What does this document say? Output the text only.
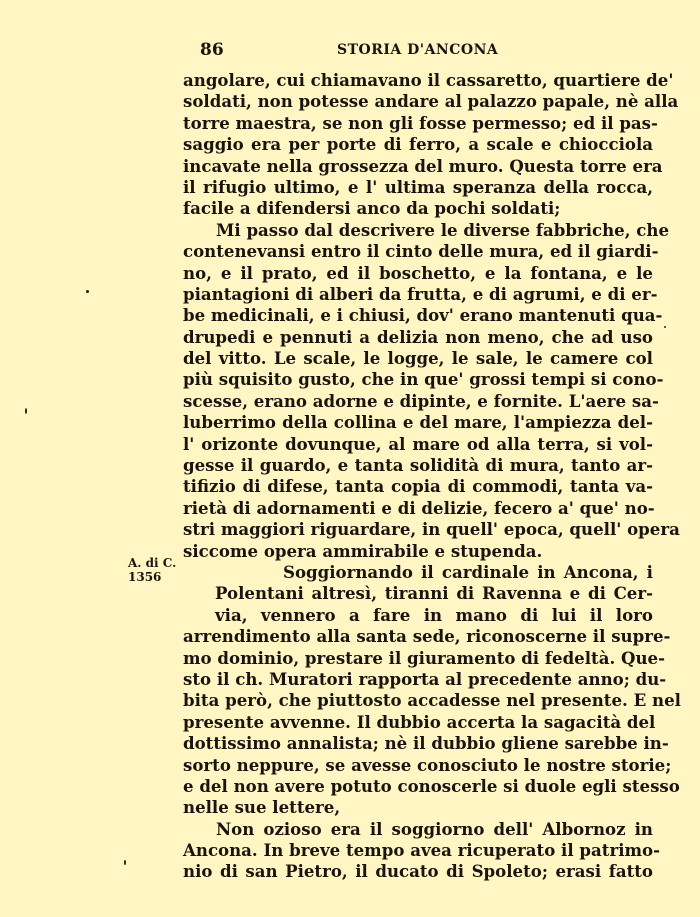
86	STORIA D'ANCONA
A. di C.
1356
angolare, cui chiamavano il cassaretto, quartiere de'
soldati, non potesse andare al palazzo papale, nè alla
torre maestra, se non gli fosse permesso; ed il pas-
saggio era per porte di ferro, a scale e chiocciola
incavate nella grossezza del muro. Questa torre era
il rifugio ultimo, e l' ultima speranza della rocca,
facile a difendersi anco da pochi soldati;
Mi passo dal descrivere le diverse fabbriche, che
contenevansi entro il cinto delle mura, ed il giardi-
no, e il prato, ed il boschetto, e la fontana, e le
piantagioni di alberi da frutta, e di agrumi, e di er-
be medicinali, e i chiusi, dov' erano mantenuti qua-
drupedi e pennuti a delizia non meno, che ad uso
del vitto. Le scale, le logge, le sale, le camere col
più squisito gusto, che in que' grossi tempi si cono-
scesse, erano adorne e dipinte, e fornite. L'aere sa-
luberrimo della collina e del mare, l'ampiezza del-
l' orizonte dovunque, al mare od alla terra, si vol-
gesse il guardo, e tanta solidità di mura, tanto ar-
tifizio di difese, tanta copia di commodi, tanta va-
rietà di adornamenti e di delizie, fecero a' que' no-
stri maggiori riguardare, in quell' epoca, quell' opera
siccome opera ammirabile e stupenda.
Soggiornando il cardinale in Ancona, i
Polentani altresì, tiranni di Ravenna e di Cer-
via, vennero a fare in mano di lui il loro
arrendimento alla santa sede, riconoscerne il supre-
mo dominio, prestare il giuramento di fedeltà. Que-
sto il ch. Muratori rapporta al precedente anno; du-
bita però, che piuttosto accadesse nel presente. E nel
presente avvenne. Il dubbio accerta la sagacità del
dottissimo annalista; nè il dubbio gliene sarebbe in-
sorto neppure, se avesse conosciuto le nostre storie;
e del non avere potuto conoscerle si duole egli stesso
nelle sue lettere,
Non ozioso era il soggiorno dell' Albornoz in
Ancona. In breve tempo avea ricuperato il patrimo-
nio di san Pietro, il ducato di Spoleto; erasi fatto
